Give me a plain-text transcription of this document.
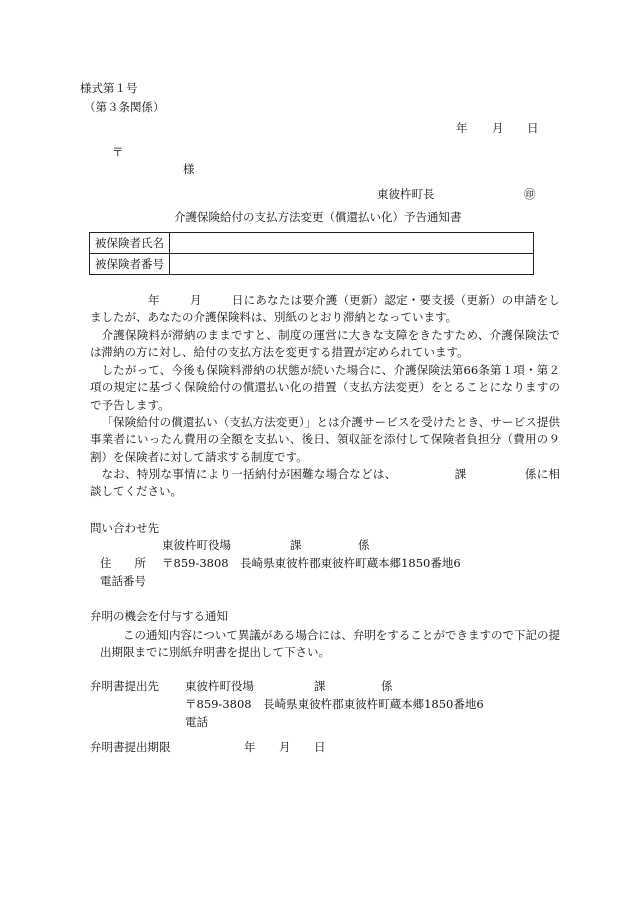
様式第１号
（第３条関係）
年 月 日
〒
様
東彼杵町長	㊞
介護保険給付の支払方法変更（償還払い化）予告通知書
被保険者氏名	
被保険者番号	
年	月	日にあなたは要介護（更新）認定・要支援（更新）の申請をしましたが、あなたの介護保険料は、別紙のとおり滞納となっています。
介護保険料が滞納のままですと、制度の運営に大きな支障をきたすため、介護保険法では滞納の方に対し、給付の支払方法を変更する措置が定められています。
したがって、今後も保険料滞納の状態が続いた場合に、介護保険法第66条第１項・第２項の規定に基づく保険給付の償還払い化の措置（支払方法変更）をとることになりますので予告します。
「保険給付の償還払い（支払方法変更）」とは介護サービスを受けたとき、サービス提供事業者にいったん費用の全額を支払い、後日、領収証を添付して保険者負担分（費用の９割）を保険者に対して請求する制度です。
なお、特別な事情により一括納付が困難な場合などは、	課	係に相談してください。
問い合わせ先
東彼杵町役場	課	係
住　　所 〒859-3808　長崎県東彼杵郡東彼杵町蔵本郷1850番地6
電話番号
弁明の機会を付与する通知
この通知内容について異議がある場合には、弁明をすることができますので下記の提出期限までに別紙弁明書を提出して下さい。
弁明書提出先 東彼杵町役場	課	係
〒859-3808　長崎県東彼杵郡東彼杵町蔵本郷1850番地6
電話
弁明書提出期限	年 月 日
